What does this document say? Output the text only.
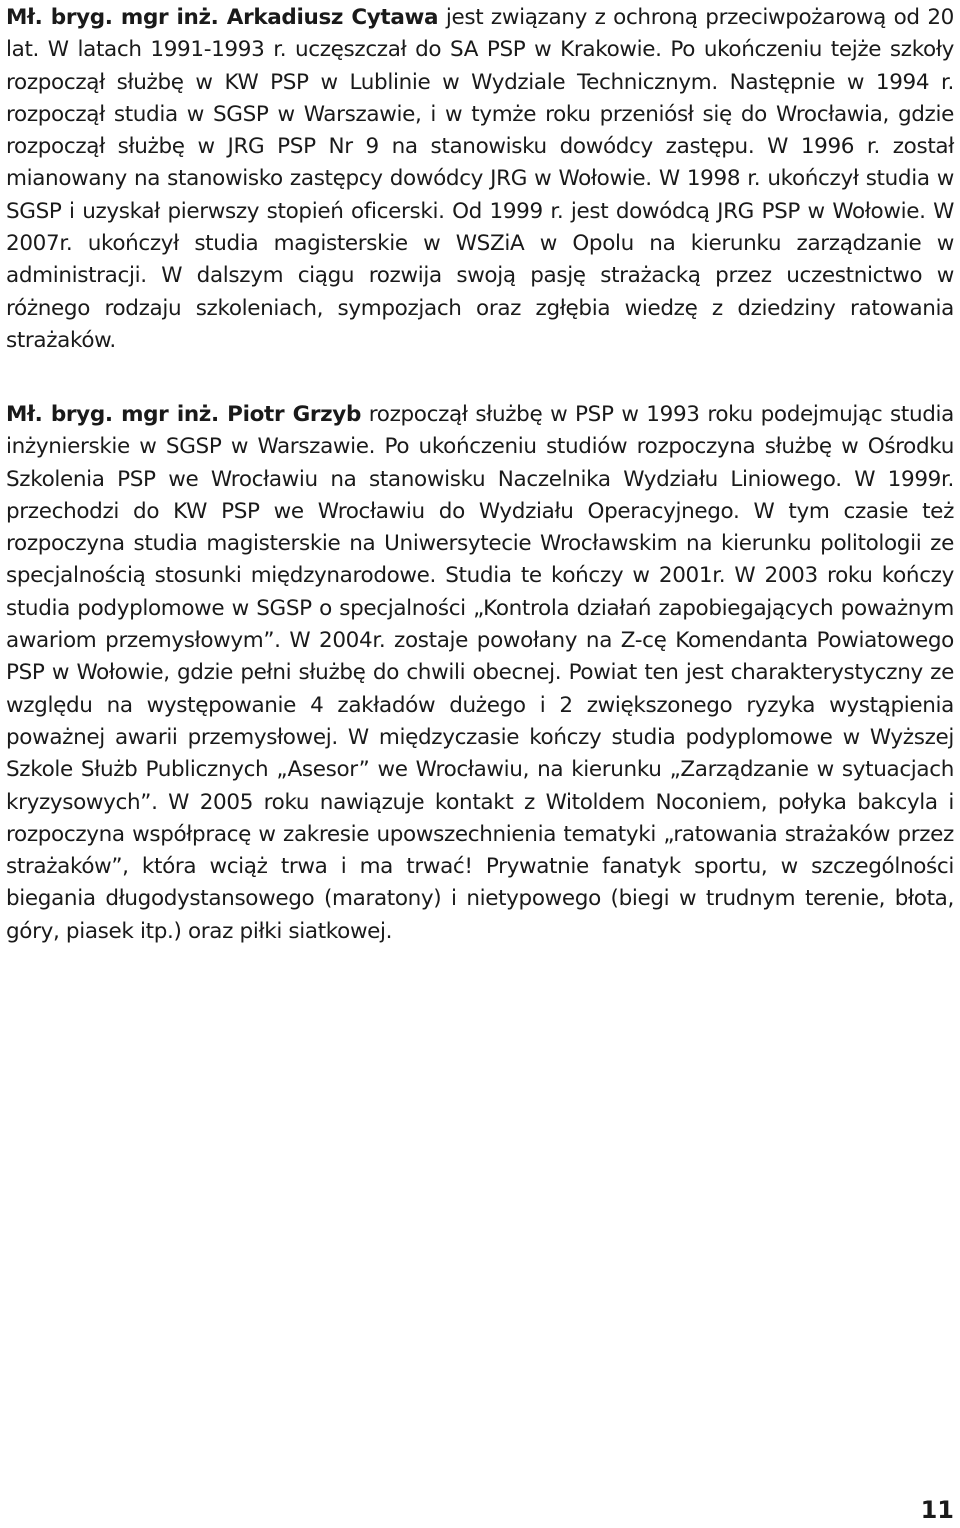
Mł. bryg. mgr inż. Arkadiusz Cytawa jest związany z ochroną przeciwpożarową od 20 lat. W latach 1991-1993 r. uczęszczał do SA PSP w Krakowie. Po ukończeniu tejże szkoły rozpoczął służbę w KW PSP w Lublinie w Wydziale Technicznym. Następnie w 1994 r. rozpoczął studia w SGSP w Warszawie, i w tymże roku przeniósł się do Wrocławia, gdzie rozpoczął służbę w JRG PSP Nr 9 na stanowisku dowódcy zastępu. W 1996 r. został mianowany na stanowisko zastępcy dowódcy JRG w Wołowie. W 1998 r. ukończył studia w SGSP i uzyskał pierwszy stopień oficerski. Od 1999 r. jest dowódcą JRG PSP w Wołowie. W 2007r. ukończył studia magisterskie w WSZiA w Opolu na kierunku zarządzanie w administracji. W dalszym ciągu rozwija swoją pasję strażacką przez uczestnictwo w różnego rodzaju szkoleniach, sympozjach oraz zgłębia wiedzę z dziedziny ratowania strażaków.

Mł. bryg. mgr inż. Piotr Grzyb rozpoczął służbę w PSP w 1993 roku podejmując studia inżynierskie w SGSP w Warszawie. Po ukończeniu studiów rozpoczyna służbę w Ośrodku Szkolenia PSP we Wrocławiu na stanowisku Naczelnika Wydziału Liniowego. W 1999r. przechodzi do KW PSP we Wrocławiu do Wydziału Operacyjnego. W tym czasie też rozpoczyna studia magisterskie na Uniwersytecie Wrocławskim na kierunku politologii ze specjalnością stosunki międzynarodowe. Studia te kończy w 2001r. W 2003 roku kończy studia podyplomowe w SGSP o specjalności „Kontrola działań zapobiegających poważnym awariom przemysłowym”. W 2004r. zostaje powołany na Z-cę Komendanta Powiatowego PSP w Wołowie, gdzie pełni służbę do chwili obecnej. Powiat ten jest charakterystyczny ze względu na występowanie 4 zakładów dużego i 2 zwiększonego ryzyka wystąpienia poważnej awarii przemysłowej. W międzyczasie kończy studia podyplomowe w Wyższej Szkole Służb Publicznych „Asesor” we Wrocławiu, na kierunku „Zarządzanie w sytuacjach kryzysowych”. W 2005 roku nawiązuje kontakt z Witoldem Noconiem, połyka bakcyla i rozpoczyna współpracę w zakresie upowszechnienia tematyki „ratowania strażaków przez strażaków”, która wciąż trwa i ma trwać! Prywatnie fanatyk sportu, w szczególności biegania długodystansowego (maratony) i nietypowego (biegi w trudnym terenie, błota, góry, piasek itp.) oraz piłki siatkowej.

11
